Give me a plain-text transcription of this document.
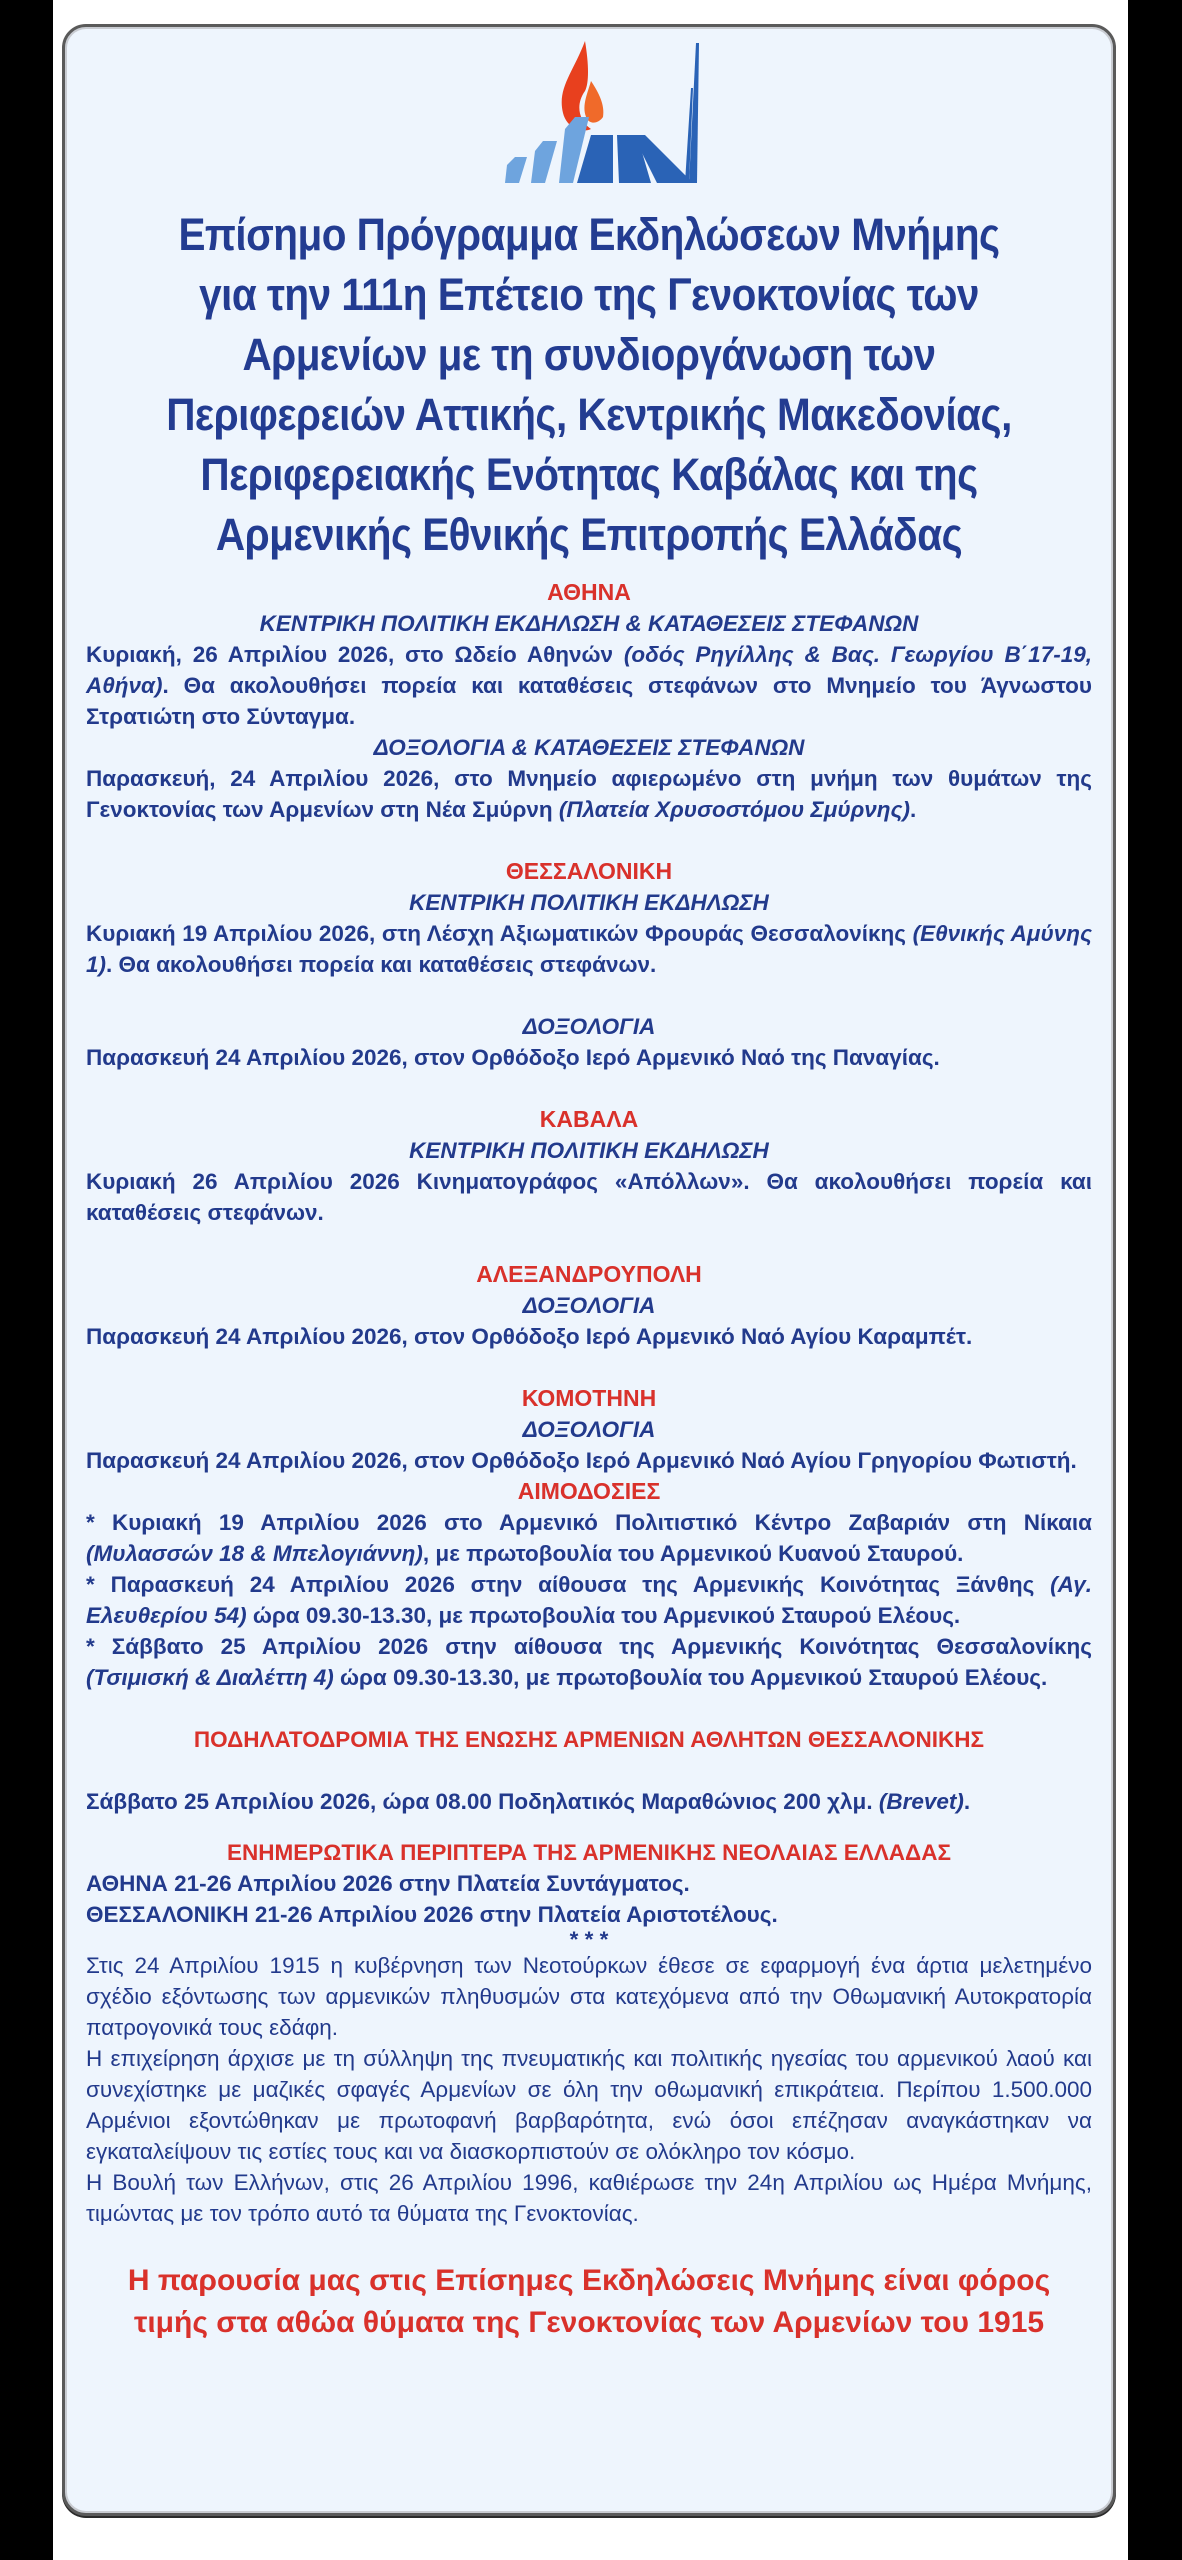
Επίσημο Πρόγραμμα Εκδηλώσεων Μνήμης
για την 111η Επέτειο της Γενοκτονίας των
Αρμενίων με τη συνδιοργάνωση των
Περιφερειών Αττικής, Κεντρικής Μακεδονίας,
Περιφερειακής Ενότητας Καβάλας και της
Αρμενικής Εθνικής Επιτροπής Ελλάδας
ΑΘΗΝΑ
ΚΕΝΤΡΙΚΗ ΠΟΛΙΤΙΚΗ ΕΚΔΗΛΩΣΗ & ΚΑΤΑΘΕΣΕΙΣ ΣΤΕΦΑΝΩΝ
Κυριακή, 26 Απριλίου 2026, στο Ωδείο Αθηνών (οδός Ρηγίλλης & Βας. Γεωργίου Β΄17-19, Αθήνα). Θα ακολουθήσει πορεία και καταθέσεις στεφάνων στο Μνημείο του Άγνωστου Στρατιώτη στο Σύνταγμα.
ΔΟΞΟΛΟΓΙΑ & ΚΑΤΑΘΕΣΕΙΣ ΣΤΕΦΑΝΩΝ
Παρασκευή, 24 Απριλίου 2026, στο Μνημείο αφιερωμένο στη μνήμη των θυμάτων της Γενοκτονίας των Αρμενίων στη Νέα Σμύρνη (Πλατεία Χρυσοστόμου Σμύρνης).
ΘΕΣΣΑΛΟΝΙΚΗ
ΚΕΝΤΡΙΚΗ ΠΟΛΙΤΙΚΗ ΕΚΔΗΛΩΣΗ
Κυριακή 19 Απριλίου 2026, στη Λέσχη Αξιωματικών Φρουράς Θεσσαλονίκης (Εθνικής Αμύνης 1). Θα ακολουθήσει πορεία και καταθέσεις στεφάνων.
ΔΟΞΟΛΟΓΙΑ
Παρασκευή 24 Απριλίου 2026, στον Ορθόδοξο Ιερό Αρμενικό Ναό της Παναγίας.
ΚΑΒΑΛΑ
ΚΕΝΤΡΙΚΗ ΠΟΛΙΤΙΚΗ ΕΚΔΗΛΩΣΗ
Κυριακή 26 Απριλίου 2026 Κινηματογράφος «Απόλλων». Θα ακολουθήσει πορεία και καταθέσεις στεφάνων.
ΑΛΕΞΑΝΔΡΟΥΠΟΛΗ
ΔΟΞΟΛΟΓΙΑ
Παρασκευή 24 Απριλίου 2026, στον Ορθόδοξο Ιερό Αρμενικό Ναό Αγίου Καραμπέτ.
ΚΟΜΟΤΗΝΗ
ΔΟΞΟΛΟΓΙΑ
Παρασκευή 24 Απριλίου 2026, στον Ορθόδοξο Ιερό Αρμενικό Ναό Αγίου Γρηγορίου Φωτιστή.
ΑΙΜΟΔΟΣΙΕΣ
* Κυριακή 19 Απριλίου 2026 στο Αρμενικό Πολιτιστικό Κέντρο Ζαβαριάν στη Νίκαια (Μυλασσών 18 & Μπελογιάννη), με πρωτοβουλία του Αρμενικού Κυανού Σταυρού.
* Παρασκευή 24 Απριλίου 2026 στην αίθουσα της Αρμενικής Κοινότητας Ξάνθης (Αγ. Ελευθερίου 54) ώρα 09.30-13.30, με πρωτοβουλία του Αρμενικού Σταυρού Ελέους.
* Σάββατο 25 Απριλίου 2026 στην αίθουσα της Αρμενικής Κοινότητας Θεσσαλονίκης (Τσιμισκή & Διαλέττη 4) ώρα 09.30-13.30, με πρωτοβουλία του Αρμενικού Σταυρού Ελέους.
ΠΟΔΗΛΑΤΟΔΡΟΜΙΑ ΤΗΣ ΕΝΩΣΗΣ ΑΡΜΕΝΙΩΝ ΑΘΛΗΤΩΝ ΘΕΣΣΑΛΟΝΙΚΗΣ
Σάββατο 25 Απριλίου 2026, ώρα 08.00 Ποδηλατικός Μαραθώνιος 200 χλμ. (Brevet).
ΕΝΗΜΕΡΩΤΙΚΑ ΠΕΡΙΠΤΕΡΑ ΤΗΣ ΑΡΜΕΝΙΚΗΣ ΝΕΟΛΑΙΑΣ ΕΛΛΑΔΑΣ
ΑΘΗΝΑ 21-26 Απριλίου 2026 στην Πλατεία Συντάγματος.
ΘΕΣΣΑΛΟΝΙΚΗ 21-26 Απριλίου 2026 στην Πλατεία Αριστοτέλους.
* * *
Στις 24 Απριλίου 1915 η κυβέρνηση των Νεοτούρκων έθεσε σε εφαρμογή ένα άρτια μελετημένο σχέδιο εξόντωσης των αρμενικών πληθυσμών στα κατεχόμενα από την Οθωμανική Αυτοκρατορία πατρογονικά τους εδάφη.
Η επιχείρηση άρχισε με τη σύλληψη της πνευματικής και πολιτικής ηγεσίας του αρμενικού λαού και συνεχίστηκε με μαζικές σφαγές Αρμενίων σε όλη την οθωμανική επικράτεια. Περίπου 1.500.000 Αρμένιοι εξοντώθηκαν με πρωτοφανή βαρβαρότητα, ενώ όσοι επέζησαν αναγκάστηκαν να εγκαταλείψουν τις εστίες τους και να διασκορπιστούν σε ολόκληρο τον κόσμο.
Η Βουλή των Ελλήνων, στις 26 Απριλίου 1996, καθιέρωσε την 24η Απριλίου ως Ημέρα Μνήμης, τιμώντας με τον τρόπο αυτό τα θύματα της Γενοκτονίας.
Η παρουσία μας στις Επίσημες Εκδηλώσεις Μνήμης είναι φόρος
τιμής στα αθώα θύματα της Γενοκτονίας των Αρμενίων του 1915
